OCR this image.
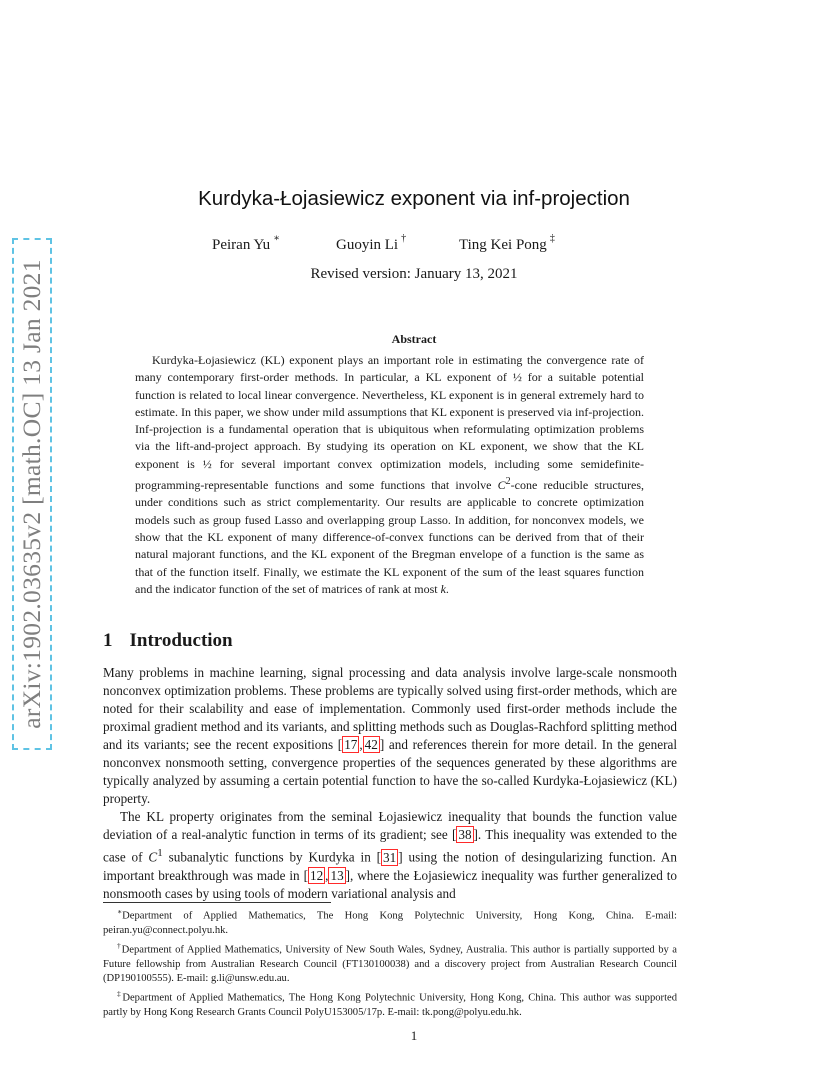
arXiv:1902.03635v2 [math.OC] 13 Jan 2021
Kurdyka-Łojasiewicz exponent via inf-projection
Peiran Yu ∗	Guoyin Li †	Ting Kei Pong ‡
Revised version: January 13, 2021
Abstract

Kurdyka-Łojasiewicz (KL) exponent plays an important role in estimating the convergence rate of many contemporary first-order methods. In particular, a KL exponent of ½ for a suitable potential function is related to local linear convergence. Nevertheless, KL exponent is in general extremely hard to estimate. In this paper, we show under mild assumptions that KL exponent is preserved via inf-projection. Inf-projection is a fundamental operation that is ubiquitous when reformulating optimization problems via the lift-and-project approach. By studying its operation on KL exponent, we show that the KL exponent is ½ for several important convex optimization models, including some semidefinite-programming-representable functions and some functions that involve $C^2$-cone reducible structures, under conditions such as strict complementarity. Our results are applicable to concrete optimization models such as group fused Lasso and overlapping group Lasso. In addition, for nonconvex models, we show that the KL exponent of many difference-of-convex functions can be derived from that of their natural majorant functions, and the KL exponent of the Bregman envelope of a function is the same as that of the function itself. Finally, we estimate the KL exponent of the sum of the least squares function and the indicator function of the set of matrices of rank at most k.

1 Introduction

Many problems in machine learning, signal processing and data analysis involve large-scale nonsmooth nonconvex optimization problems. These problems are typically solved using first-order methods, which are noted for their scalability and ease of implementation. Commonly used first-order methods include the proximal gradient method and its variants, and splitting methods such as Douglas-Rachford splitting method and its variants; see the recent expositions [ 17 , 42 ] and references therein for more detail. In the general nonconvex nonsmooth setting, convergence properties of the sequences generated by these algorithms are typically analyzed by assuming a certain potential function to have the so-called Kurdyka-Łojasiewicz (KL) property.

The KL property originates from the seminal Łojasiewicz inequality that bounds the function value deviation of a real-analytic function in terms of its gradient; see [ 38 ]. This inequality was extended to the case of $C^1$ subanalytic functions by Kurdyka in [ 31 ] using the notion of desingularizing function. An important breakthrough was made in [ 12 , 13 ], where the Łojasiewicz inequality was further generalized to nonsmooth cases by using tools of modern variational analysis and

∗Department of Applied Mathematics, The Hong Kong Polytechnic University, Hong Kong, China. E-mail: peiran.yu@connect.polyu.hk.

†Department of Applied Mathematics, University of New South Wales, Sydney, Australia. This author is partially supported by a Future fellowship from Australian Research Council (FT130100038) and a discovery project from Australian Research Council (DP190100555). E-mail: g.li@unsw.edu.au.

‡Department of Applied Mathematics, The Hong Kong Polytechnic University, Hong Kong, China. This author was supported partly by Hong Kong Research Grants Council PolyU153005/17p. E-mail: tk.pong@polyu.edu.hk.

1
